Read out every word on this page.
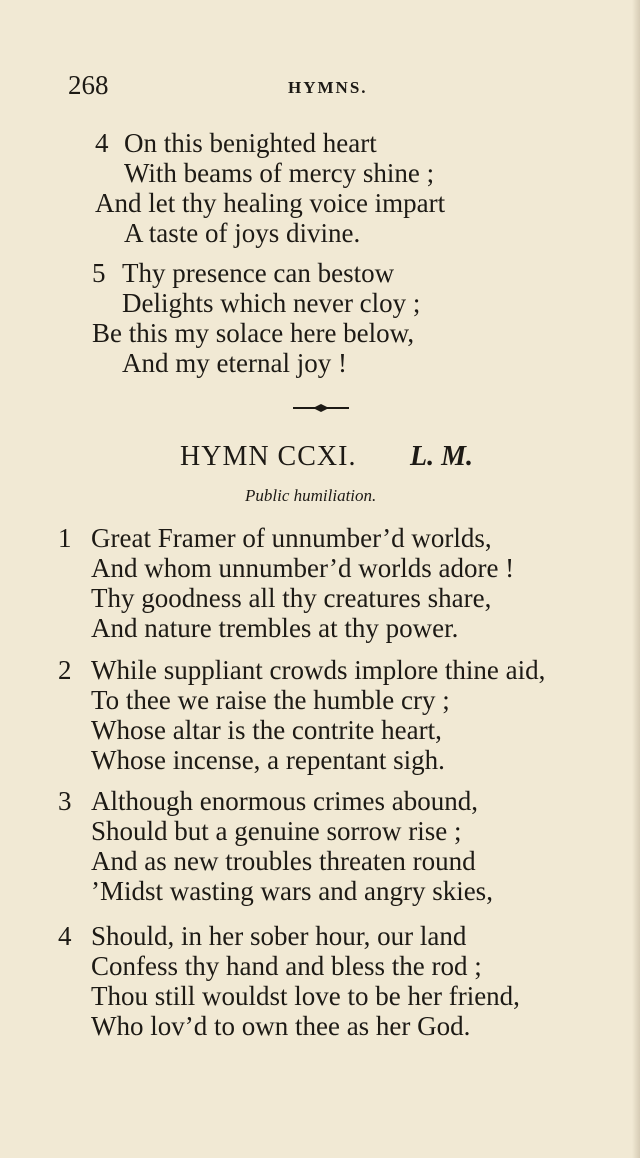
268	HYMNS.
4 On this benighted heart
With beams of mercy shine ;
And let thy healing voice impart
A taste of joys divine.
5 Thy presence can bestow
Delights which never cloy ;
Be this my solace here below,
And my eternal joy !
HYMN CCXI. L. M.
Public humiliation.
1 Great Framer of unnumber’d worlds,
And whom unnumber’d worlds adore !
Thy goodness all thy creatures share,
And nature trembles at thy power.
2 While suppliant crowds implore thine aid,
To thee we raise the humble cry ;
Whose altar is the contrite heart,
Whose incense, a repentant sigh.
3 Although enormous crimes abound,
Should but a genuine sorrow rise ;
And as new troubles threaten round
’Midst wasting wars and angry skies,
4 Should, in her sober hour, our land
Confess thy hand and bless the rod ;
Thou still wouldst love to be her friend,
Who lov’d to own thee as her God.
